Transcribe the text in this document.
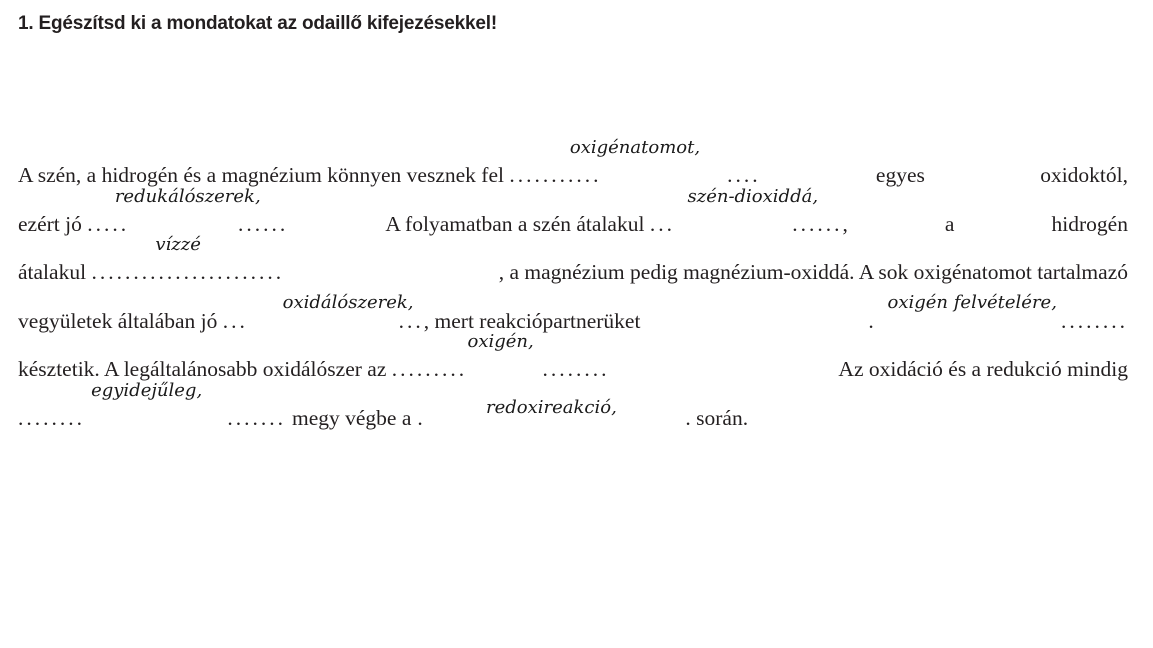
1. Egészítsd ki a mondatokat az odaillő kifejezésekkel!
A szén, a hidrogén és a magnézium könnyen vesznek fel ...........	....
oxigénatomot,
egyes	oxidoktól,
ezért jó .....	......
redukálószerek,
A folyamatban a szén átalakul ...	......,
szén-dioxiddá,
a	hidrogén
átalakul .......................
vízzé
, a magnézium pedig magnézium-oxiddá. A sok oxigénatomot tartalmazó
vegyületek általában jó ...	..., mert reakciópartnerüket
oxidálószerek,
.	........
oxigén felvételére,
késztetik. A legáltalánosabb oxidálószer az .........	........
oxigén,
Az oxidáció és a redukció mindig
........	.......
egyidejűleg,
megy végbe a .	redoxireakció,	. során.
